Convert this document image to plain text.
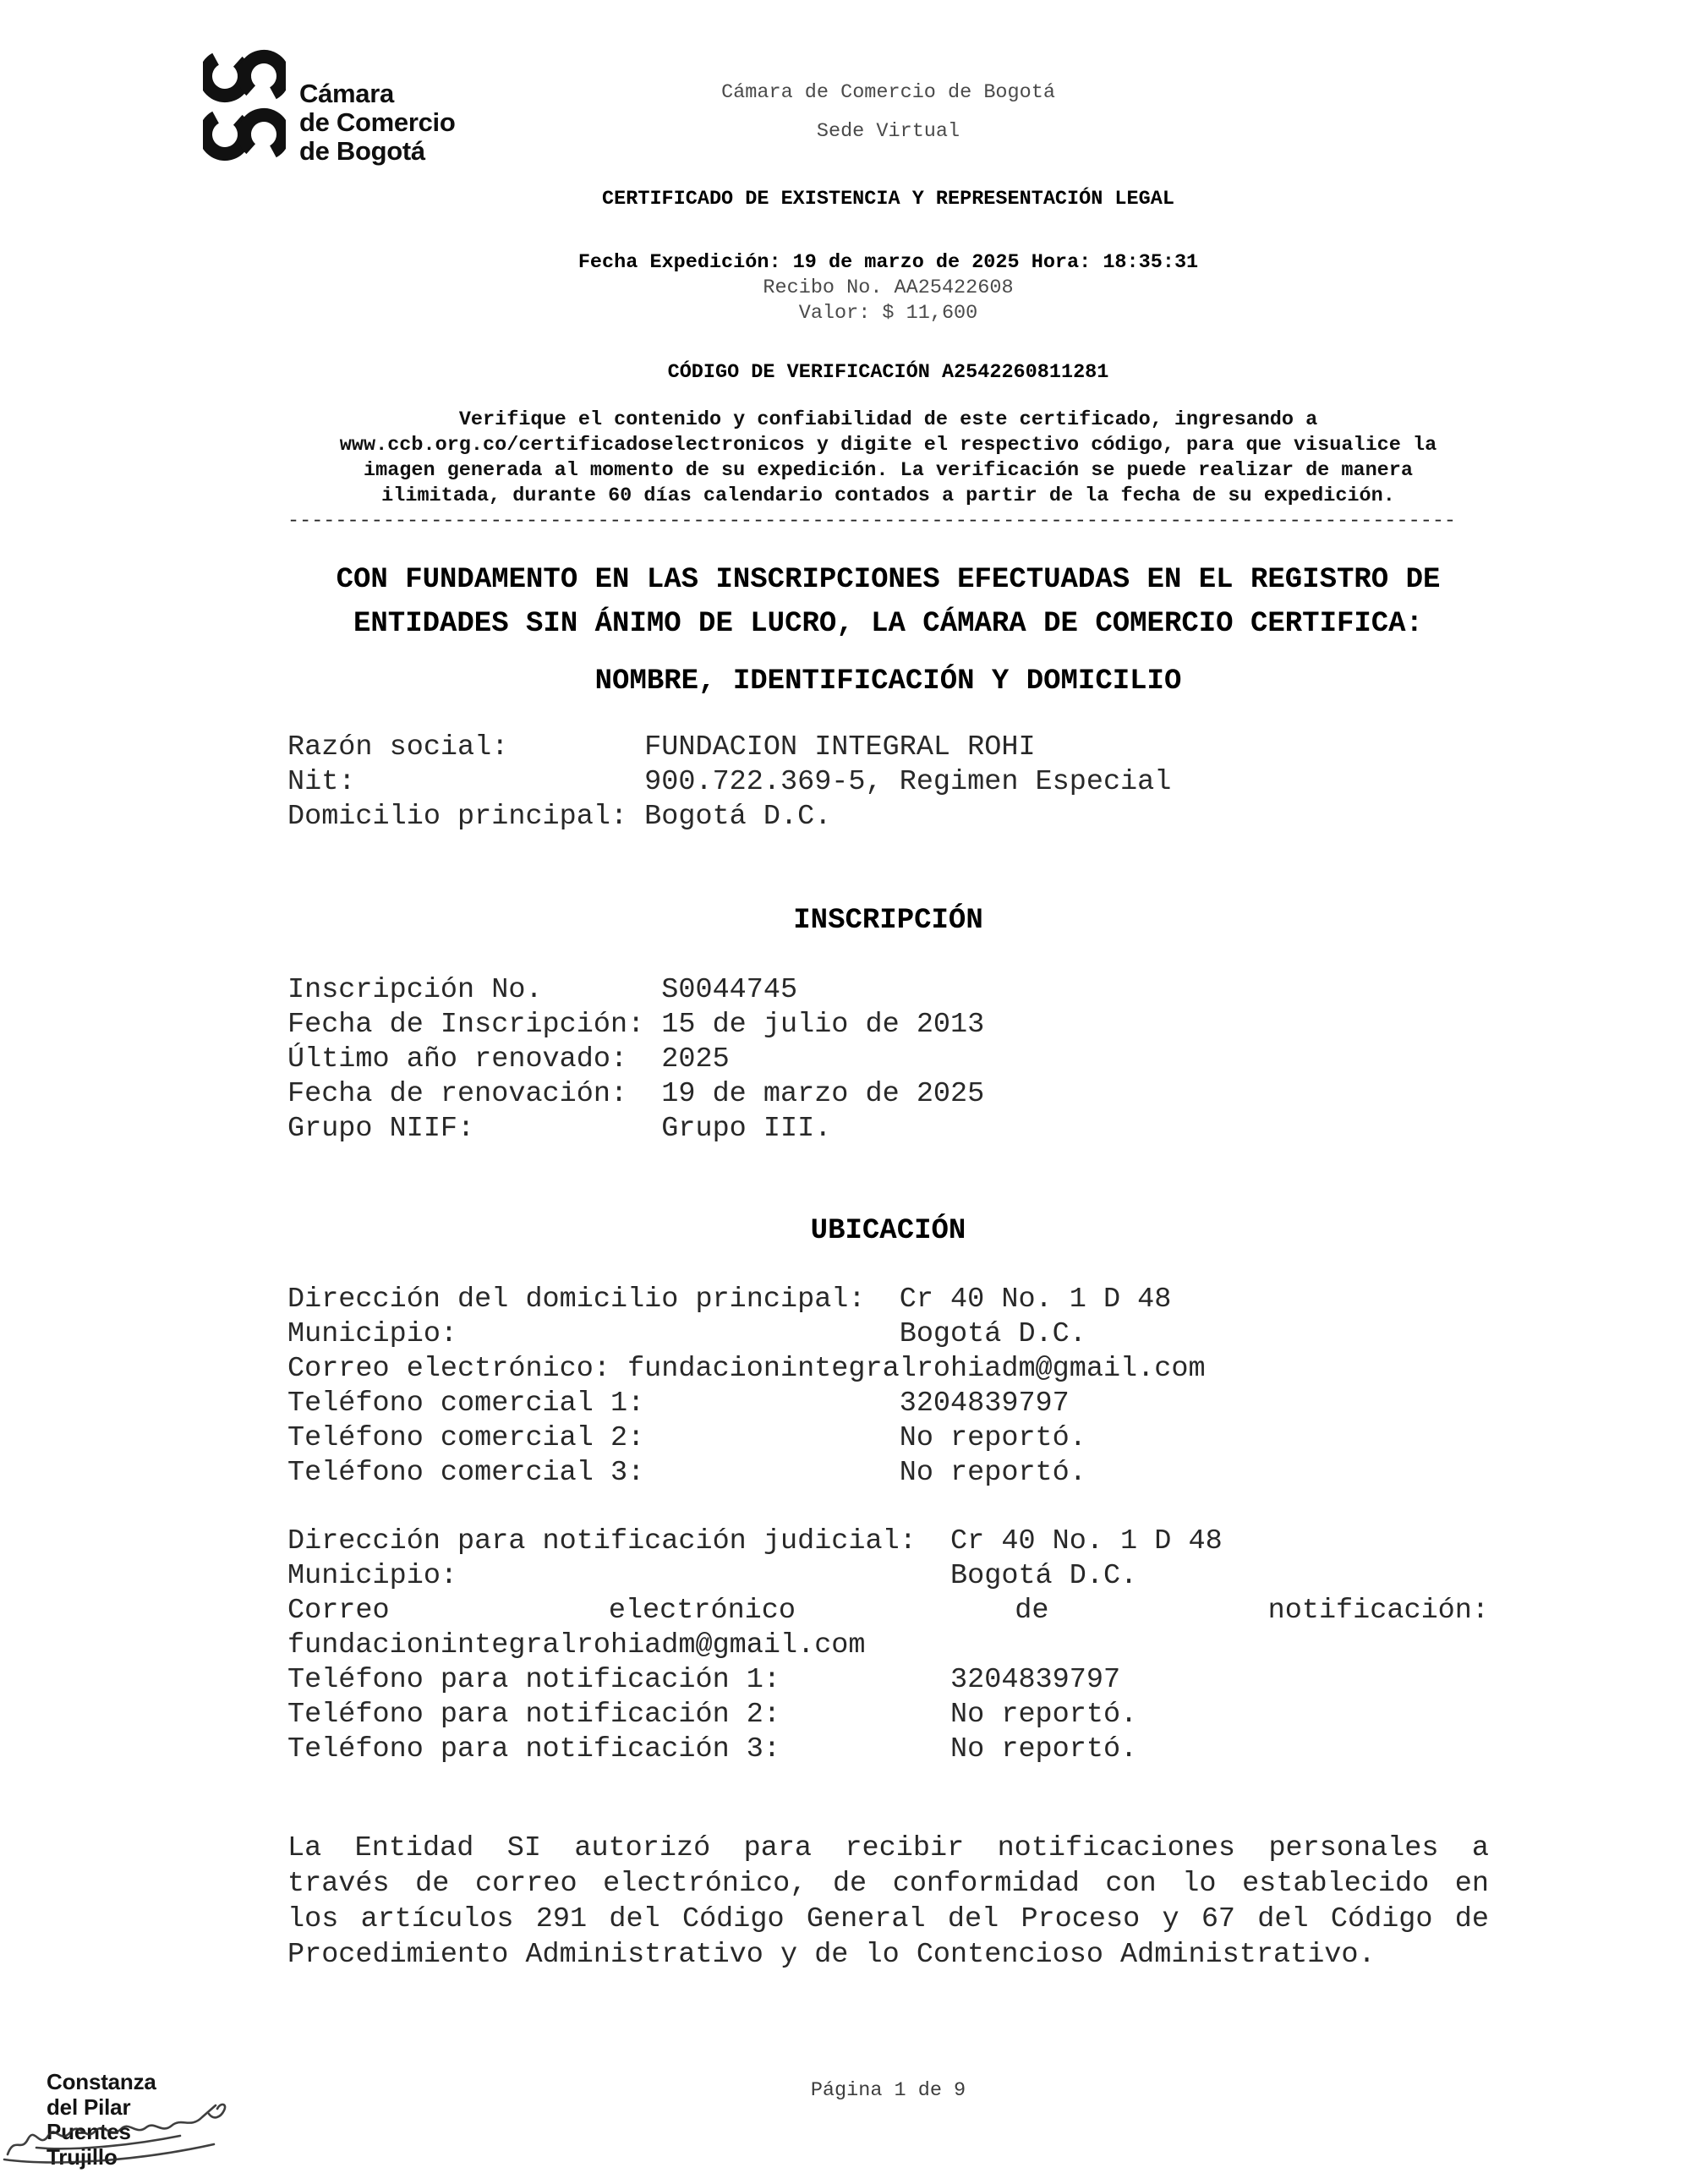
Cámara
de Comercio
de Bogotá
Cámara de Comercio de Bogotá
Sede Virtual
CERTIFICADO DE EXISTENCIA Y REPRESENTACIÓN LEGAL
Fecha Expedición: 19 de marzo de 2025 Hora: 18:35:31
Recibo No. AA25422608
Valor: $ 11,600
CÓDIGO DE VERIFICACIÓN A2542260811281
Verifique el contenido y confiabilidad de este certificado, ingresando a
www.ccb.org.co/certificadoselectronicos y digite el respectivo código, para que visualice la
imagen generada al momento de su expedición. La verificación se puede realizar de manera
ilimitada, durante 60 días calendario contados a partir de la fecha de su expedición.
--------------------------------------------------------------------------------------------------
CON FUNDAMENTO EN LAS INSCRIPCIONES EFECTUADAS EN EL REGISTRO DE
ENTIDADES SIN ÁNIMO DE LUCRO, LA CÁMARA DE COMERCIO CERTIFICA:
NOMBRE, IDENTIFICACIÓN Y DOMICILIO
Razón social:        FUNDACION INTEGRAL ROHI
Nit:                 900.722.369-5, Regimen Especial
Domicilio principal: Bogotá D.C.
INSCRIPCIÓN
Inscripción No.       S0044745
Fecha de Inscripción: 15 de julio de 2013
Último año renovado:  2025
Fecha de renovación:  19 de marzo de 2025
Grupo NIIF:           Grupo III.
UBICACIÓN
Dirección del domicilio principal:  Cr 40 No. 1 D 48
Municipio:                          Bogotá D.C.
Correo electrónico: fundacionintegralrohiadm@gmail.com
Teléfono comercial 1:               3204839797
Teléfono comercial 2:               No reportó.
Teléfono comercial 3:               No reportó.
Dirección para notificación judicial:  Cr 40 No. 1 D 48
Municipio:                             Bogotá D.C.
Correo electrónico de notificación:
fundacionintegralrohiadm@gmail.com
Teléfono para notificación 1:          3204839797
Teléfono para notificación 2:          No reportó.
Teléfono para notificación 3:          No reportó.
La Entidad SI autorizó para recibir notificaciones personales a
través de correo electrónico, de conformidad con lo establecido en
los artículos 291 del Código General del Proceso y 67 del Código de
Procedimiento Administrativo y de lo Contencioso Administrativo.
Página 1 de 9
Constanza
del Pilar
Puentes
Trujillo
